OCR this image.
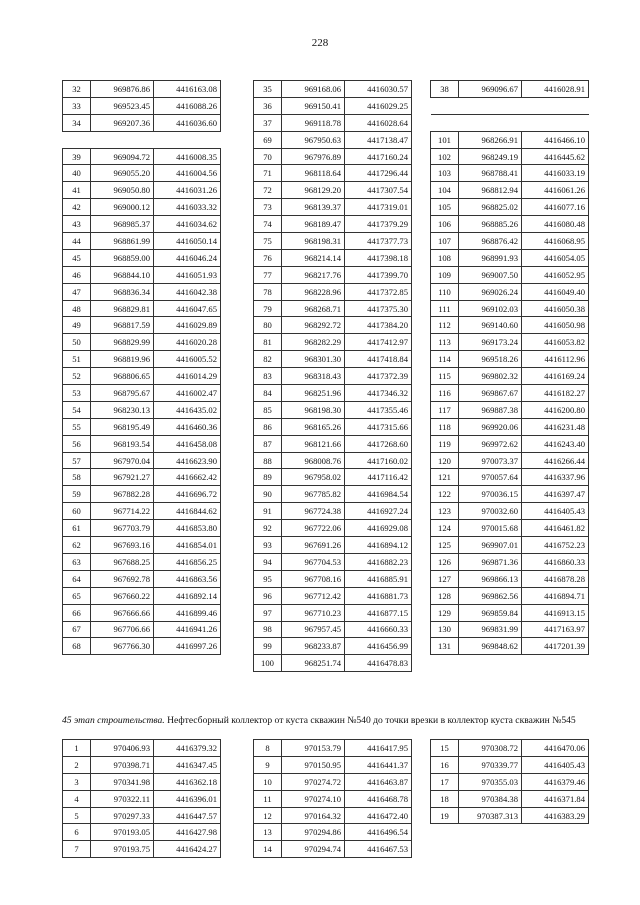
228
32	969876.86	4416163.08
33	969523.45	4416088.26
34	969207.36	4416036.60

39	969094.72	4416008.35
40	969055.20	4416004.56
41	969050.80	4416031.26
42	969000.12	4416033.32
43	968985.37	4416034.62
44	968861.99	4416050.14
45	968859.00	4416046.24
46	968844.10	4416051.93
47	968836.34	4416042.38
48	968829.81	4416047.65
49	968817.59	4416029.89
50	968829.99	4416020.28
51	968819.96	4416005.52
52	968806.65	4416014.29
53	968795.67	4416002.47
54	968230.13	4416435.02
55	968195.49	4416460.36
56	968193.54	4416458.08
57	967970.04	4416623.90
58	967921.27	4416662.42
59	967882.28	4416696.72
60	967714.22	4416844.62
61	967703.79	4416853.80
62	967693.16	4416854.01
63	967688.25	4416856.25
64	967692.78	4416863.56
65	967660.22	4416892.14
66	967666.66	4416899.46
67	967706.66	4416941.26
68	967766.30	4416997.26
35	969168.06	4416030.57
36	969150.41	4416029.25
37	969118.78	4416028.64
69	967950.63	4417138.47
70	967976.89	4417160.24
71	968118.64	4417296.44
72	968129.20	4417307.54
73	968139.37	4417319.01
74	968189.47	4417379.29
75	968198.31	4417377.73
76	968214.14	4417398.18
77	968217.76	4417399.70
78	968228.96	4417372.85
79	968268.71	4417375.30
80	968292.72	4417384.20
81	968282.29	4417412.97
82	968301.30	4417418.84
83	968318.43	4417372.39
84	968251.96	4417346.32
85	968198.30	4417355.46
86	968165.26	4417315.66
87	968121.66	4417268.60
88	968008.76	4417160.02
89	967958.02	4417116.42
90	967785.82	4416984.54
91	967724.38	4416927.24
92	967722.06	4416929.08
93	967691.26	4416894.12
94	967704.53	4416882.23
95	967708.16	4416885.91
96	967712.42	4416881.73
97	967710.23	4416877.15
98	967957.45	4416660.33
99	968233.87	4416456.99
100	968251.74	4416478.83
38	969096.67	4416028.91

101	968266.91	4416466.10
102	968249.19	4416445.62
103	968788.41	4416033.19
104	968812.94	4416061.26
105	968825.02	4416077.16
106	968885.26	4416080.48
107	968876.42	4416068.95
108	968991.93	4416054.05
109	969007.50	4416052.95
110	969026.24	4416049.40
111	969102.03	4416050.38
112	969140.60	4416050.98
113	969173.24	4416053.82
114	969518.26	4416112.96
115	969802.32	4416169.24
116	969867.67	4416182.27
117	969887.38	4416200.80
118	969920.06	4416231.48
119	969972.62	4416243.40
120	970073.37	4416266.44
121	970057.64	4416337.96
122	970036.15	4416397.47
123	970032.60	4416405.43
124	970015.68	4416461.82
125	969907.01	4416752.23
126	969871.36	4416860.33
127	969866.13	4416878.28
128	969862.56	4416894.71
129	969859.84	4416913.15
130	969831.99	4417163.97
131	969848.62	4417201.39
45 этап строительства. Нефтесборный коллектор от куста скважин №540 до точки врезки в коллектор куста скважин №545
1	970406.93	4416379.32
2	970398.71	4416347.45
3	970341.98	4416362.18
4	970322.11	4416396.01
5	970297.33	4416447.57
6	970193.05	4416427.98
7	970193.75	4416424.27
8	970153.79	4416417.95
9	970150.95	4416441.37
10	970274.72	4416463.87
11	970274.10	4416468.78
12	970164.32	4416472.40
13	970294.86	4416496.54
14	970294.74	4416467.53
15	970308.72	4416470.06
16	970339.77	4416405.43
17	970355.03	4416379.46
18	970384.38	4416371.84
19	970387.313	4416383.29
